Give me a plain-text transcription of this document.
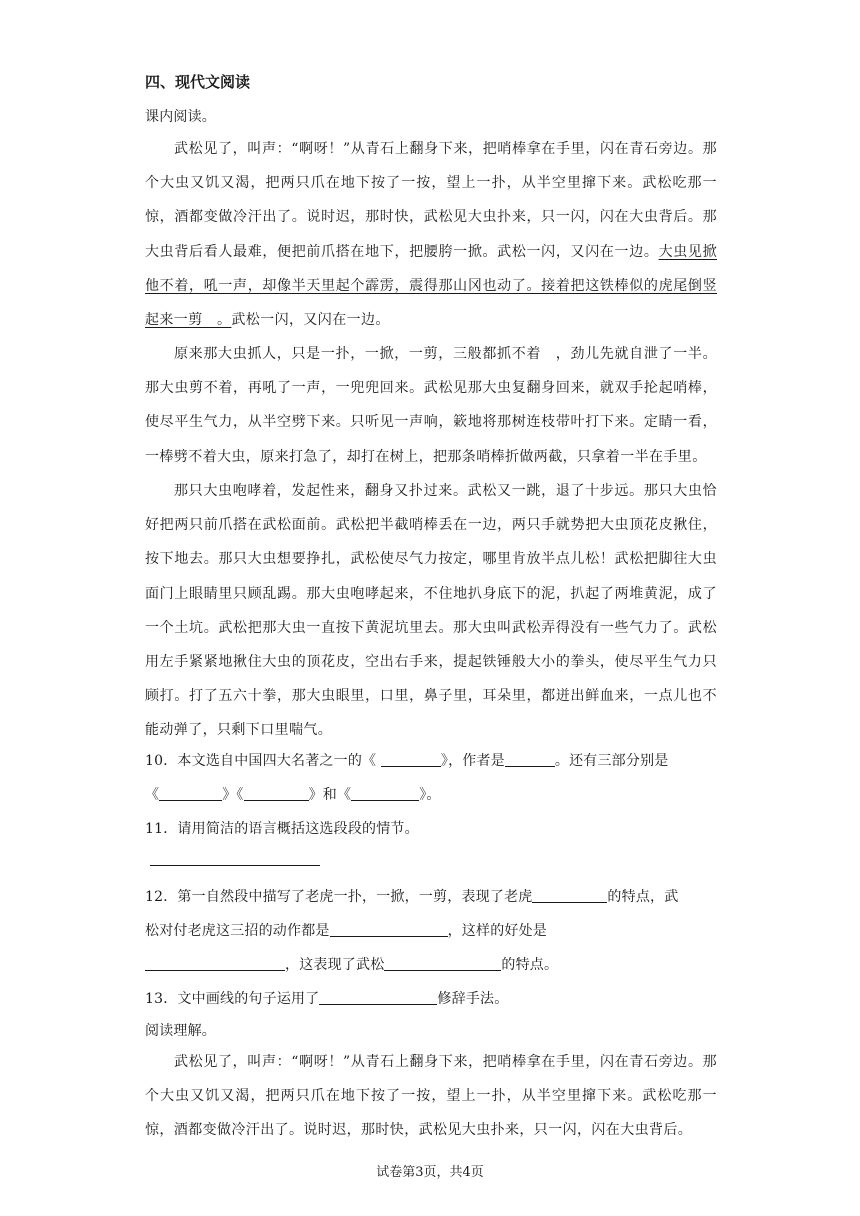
四、现代文阅读
课内阅读。
武松见了，叫声：“啊呀！”从青石上翻身下来，把哨棒拿在手里，闪在青石旁边。那个大虫又饥又渴，把两只爪在地下按了一按，望上一扑，从半空里撺下来。武松吃那一惊，酒都变做冷汗出了。说时迟，那时快，武松见大虫扑来，只一闪，闪在大虫背后。那大虫背后看人最难，便把前爪搭在地下，把腰胯一掀。武松一闪，又闪在一边。大虫见掀他不着，吼一声，却像半天里起个霹雳，震得那山冈也动了。接着把这铁棒似的虎尾倒竖起来一剪　。武松一闪，又闪在一边。
原来那大虫抓人，只是一扑，一掀，一剪，三般都抓不着　，劲儿先就自泄了一半。那大虫剪不着，再吼了一声，一兜兜回来。武松见那大虫复翻身回来，就双手抡起哨棒，使尽平生气力，从半空劈下来。只听见一声响，簌地将那树连枝带叶打下来。定睛一看，一棒劈不着大虫，原来打急了，却打在树上，把那条哨棒折做两截，只拿着一半在手里。
那只大虫咆哮着，发起性来，翻身又扑过来。武松又一跳，退了十步远。那只大虫恰好把两只前爪搭在武松面前。武松把半截哨棒丢在一边，两只手就势把大虫顶花皮揪住，按下地去。那只大虫想要挣扎，武松使尽气力按定，哪里肯放半点儿松！武松把脚往大虫面门上眼睛里只顾乱踢。那大虫咆哮起来，不住地扒身底下的泥，扒起了两堆黄泥，成了一个土坑。武松把那大虫一直按下黄泥坑里去。那大虫叫武松弄得没有一些气力了。武松用左手紧紧地揪住大虫的顶花皮，空出右手来，提起铁锤般大小的拳头，使尽平生气力只顾打。打了五六十拳，那大虫眼里，口里，鼻子里，耳朵里，都迸出鲜血来，一点儿也不能动弹了，只剩下口里喘气。
10．本文选自中国四大名著之一的《	》，作者是	。还有三部分别是
《	》《	》和《	》。
11．请用简洁的语言概括这选段段的情节。
12．第一自然段中描写了老虎一扑，一掀，一剪，表现了老虎	的特点，武
松对付老虎这三招的动作都是	，这样的好处是
，这表现了武松	的特点。
13．文中画线的句子运用了	修辞手法。
阅读理解。
武松见了，叫声：“啊呀！”从青石上翻身下来，把哨棒拿在手里，闪在青石旁边。那个大虫又饥又渴，把两只爪在地下按了一按，望上一扑，从半空里撺下来。武松吃那一惊，酒都变做冷汗出了。说时迟，那时快，武松见大虫扑来，只一闪，闪在大虫背后。
试卷第3页，共4页
